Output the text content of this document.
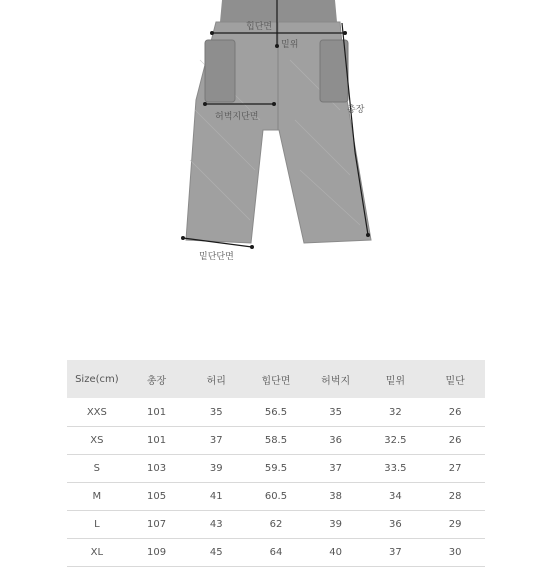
힙단면
밑위
총장
허벅지단면
밑단단면
Size(cm)	총장	허리	힙단면	허벅지	밑위	밑단
XXS	101	35	56.5	35	32	26
XS	101	37	58.5	36	32.5	26
S	103	39	59.5	37	33.5	27
M	105	41	60.5	38	34	28
L	107	43	62	39	36	29
XL	109	45	64	40	37	30
